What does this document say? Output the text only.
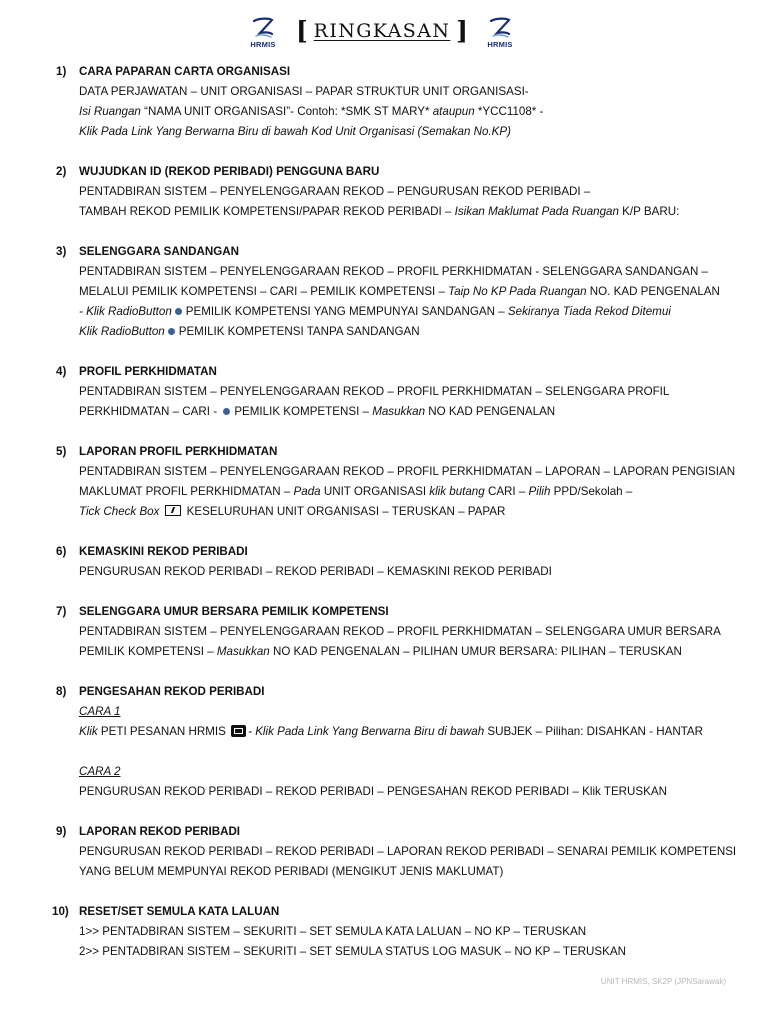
HRMIS [ RINGKASAN ]	HRMIS
1) CARA PAPARAN CARTA ORGANISASI
DATA PERJAWATAN – UNIT ORGANISASI – PAPAR STRUKTUR UNIT ORGANISASI-
Isi Ruangan “NAMA UNIT ORGANISASI”- Contoh: *SMK ST MARY* ataupun *YCC1108* -
Klik Pada Link Yang Berwarna Biru di bawah Kod Unit Organisasi (Semakan No.KP)
2) WUJUDKAN ID (REKOD PERIBADI) PENGGUNA BARU
PENTADBIRAN SISTEM – PENYELENGGARAAN REKOD – PENGURUSAN REKOD PERIBADI –
TAMBAH REKOD PEMILIK KOMPETENSI/PAPAR REKOD PERIBADI – Isikan Maklumat Pada Ruangan K/P BARU:
3) SELENGGARA SANDANGAN
PENTADBIRAN SISTEM – PENYELENGGARAAN REKOD – PROFIL PERKHIDMATAN - SELENGGARA SANDANGAN –
MELALUI PEMILIK KOMPETENSI – CARI – PEMILIK KOMPETENSI – Taip No KP Pada Ruangan NO. KAD PENGENALAN
- Klik RadioButton PEMILIK KOMPETENSI YANG MEMPUNYAI SANDANGAN – Sekiranya Tiada Rekod Ditemui
Klik RadioButton PEMILIK KOMPETENSI TANPA SANDANGAN
4) PROFIL PERKHIDMATAN
PENTADBIRAN SISTEM – PENYELENGGARAAN REKOD – PROFIL PERKHIDMATAN – SELENGGARA PROFIL
PERKHIDMATAN – CARI - PEMILIK KOMPETENSI – Masukkan NO KAD PENGENALAN
5) LAPORAN PROFIL PERKHIDMATAN
PENTADBIRAN SISTEM – PENYELENGGARAAN REKOD – PROFIL PERKHIDMATAN – LAPORAN – LAPORAN PENGISIAN
MAKLUMAT PROFIL PERKHIDMATAN – Pada UNIT ORGANISASI klik butang CARI – Pilih PPD/Sekolah –
Tick Check Box KESELURUHAN UNIT ORGANISASI – TERUSKAN – PAPAR
6) KEMASKINI REKOD PERIBADI
PENGURUSAN REKOD PERIBADI – REKOD PERIBADI – KEMASKINI REKOD PERIBADI
7) SELENGGARA UMUR BERSARA PEMILIK KOMPETENSI
PENTADBIRAN SISTEM – PENYELENGGARAAN REKOD – PROFIL PERKHIDMATAN – SELENGGARA UMUR BERSARA
PEMILIK KOMPETENSI – Masukkan NO KAD PENGENALAN – PILIHAN UMUR BERSARA: PILIHAN – TERUSKAN
8) PENGESAHAN REKOD PERIBADI
CARA 1
Klik PETI PESANAN HRMIS - Klik Pada Link Yang Berwarna Biru di bawah SUBJEK – Pilihan: DISAHKAN - HANTAR
CARA 2
PENGURUSAN REKOD PERIBADI – REKOD PERIBADI – PENGESAHAN REKOD PERIBADI – Klik TERUSKAN
9) LAPORAN REKOD PERIBADI
PENGURUSAN REKOD PERIBADI – REKOD PERIBADI – LAPORAN REKOD PERIBADI – SENARAI PEMILIK KOMPETENSI
YANG BELUM MEMPUNYAI REKOD PERIBADI (MENGIKUT JENIS MAKLUMAT)
10) RESET/SET SEMULA KATA LALUAN
1>> PENTADBIRAN SISTEM – SEKURITI – SET SEMULA KATA LALUAN – NO KP – TERUSKAN
2>> PENTADBIRAN SISTEM – SEKURITI – SET SEMULA STATUS LOG MASUK – NO KP – TERUSKAN
UNIT HRMIS, SK2P (JPNSarawak)
